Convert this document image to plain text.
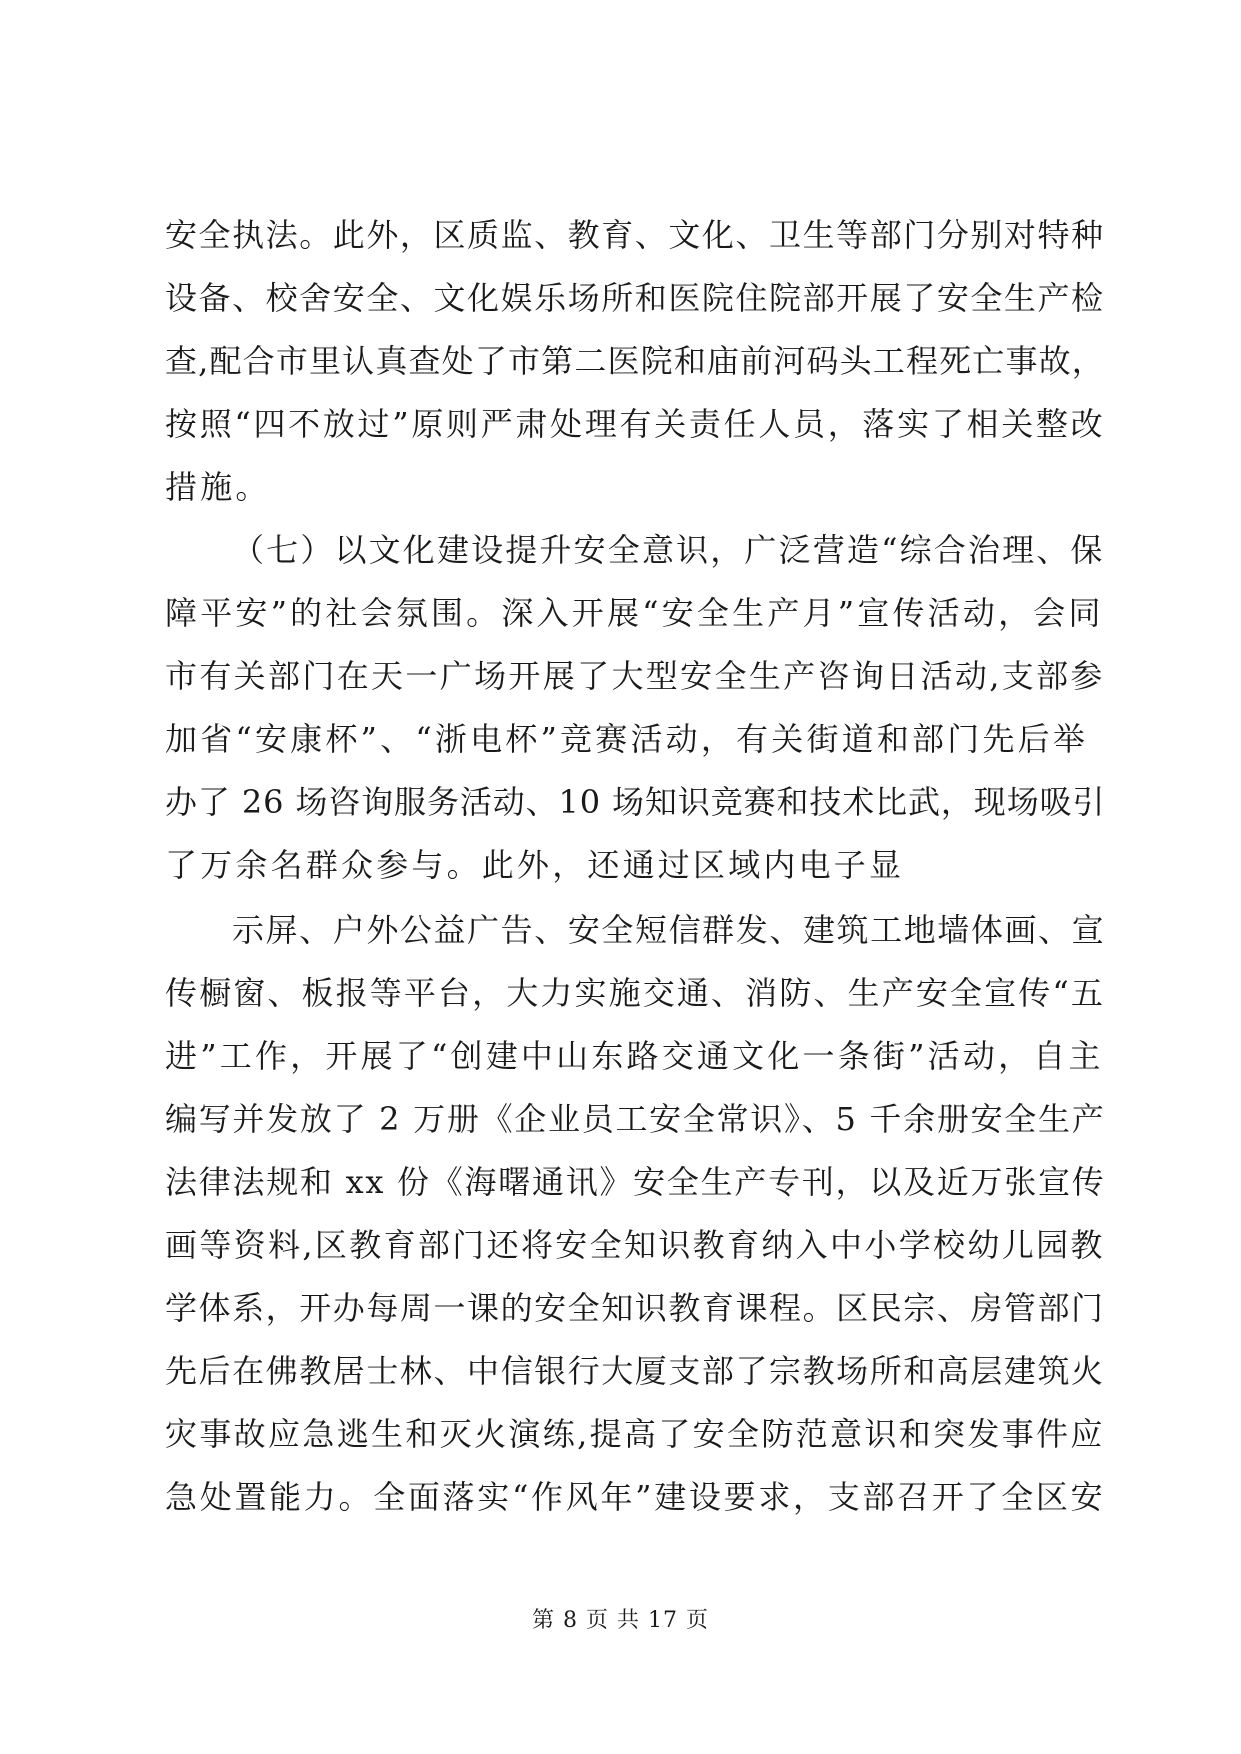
安全执法。此外，区质监、教育、文化、卫生等部门分别对特种
设备、校舍安全、文化娱乐场所和医院住院部开展了安全生产检
查,配合市里认真查处了市第二医院和庙前河码头工程死亡事故，
按照“四不放过”原则严肃处理有关责任人员，落实了相关整改
措施。
（七）以文化建设提升安全意识，广泛营造“综合治理、保
障平安”的社会氛围。深入开展“安全生产月”宣传活动，会同
市有关部门在天一广场开展了大型安全生产咨询日活动,支部参
加省“安康杯”、“浙电杯”竞赛活动，有关街道和部门先后举
办了 26 场咨询服务活动、10 场知识竞赛和技术比武，现场吸引
了万余名群众参与。此外，还通过区域内电子显
示屏、户外公益广告、安全短信群发、建筑工地墙体画、宣
传橱窗、板报等平台，大力实施交通、消防、生产安全宣传“五
进”工作，开展了“创建中山东路交通文化一条街”活动，自主
编写并发放了 2 万册《企业员工安全常识》、5 千余册安全生产
法律法规和 xx 份《海曙通讯》安全生产专刊，以及近万张宣传
画等资料,区教育部门还将安全知识教育纳入中小学校幼儿园教
学体系，开办每周一课的安全知识教育课程。区民宗、房管部门
先后在佛教居士林、中信银行大厦支部了宗教场所和高层建筑火
灾事故应急逃生和灭火演练,提高了安全防范意识和突发事件应
急处置能力。全面落实“作风年”建设要求，支部召开了全区安
第 8 页 共 17 页
